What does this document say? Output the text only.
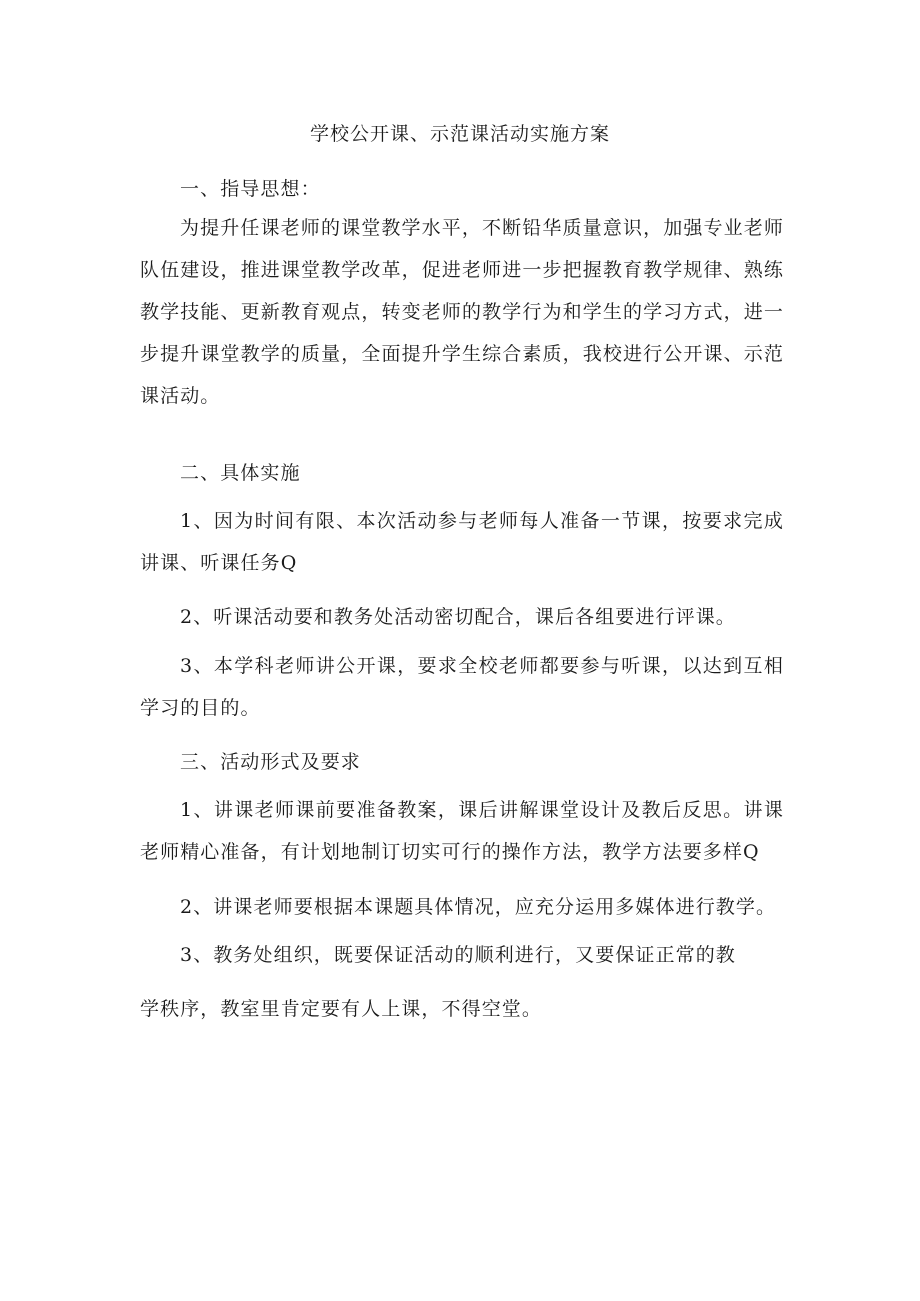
学校公开课、示范课活动实施方案

一、指导思想：

为提升任课老师的课堂教学水平，不断铅华质量意识，加强专业老师队伍建设，推进课堂教学改革，促进老师进一步把握教育教学规律、熟练教学技能、更新教育观点，转变老师的教学行为和学生的学习方式，进一步提升课堂教学的质量，全面提升学生综合素质，我校进行公开课、示范课活动。

二、具体实施

1、因为时间有限、本次活动参与老师每人准备一节课，按要求完成讲课、听课任务Q

2、听课活动要和教务处活动密切配合，课后各组要进行评课。

3、本学科老师讲公开课，要求全校老师都要参与听课，以达到互相学习的目的。

三、活动形式及要求

1、讲课老师课前要准备教案，课后讲解课堂设计及教后反思。讲课老师精心准备，有计划地制订切实可行的操作方法，教学方法要多样Q

2、讲课老师要根据本课题具体情况，应充分运用多媒体进行教学。

3、教务处组织，既要保证活动的顺利进行，又要保证正常的教

学秩序，教室里肯定要有人上课，不得空堂。
